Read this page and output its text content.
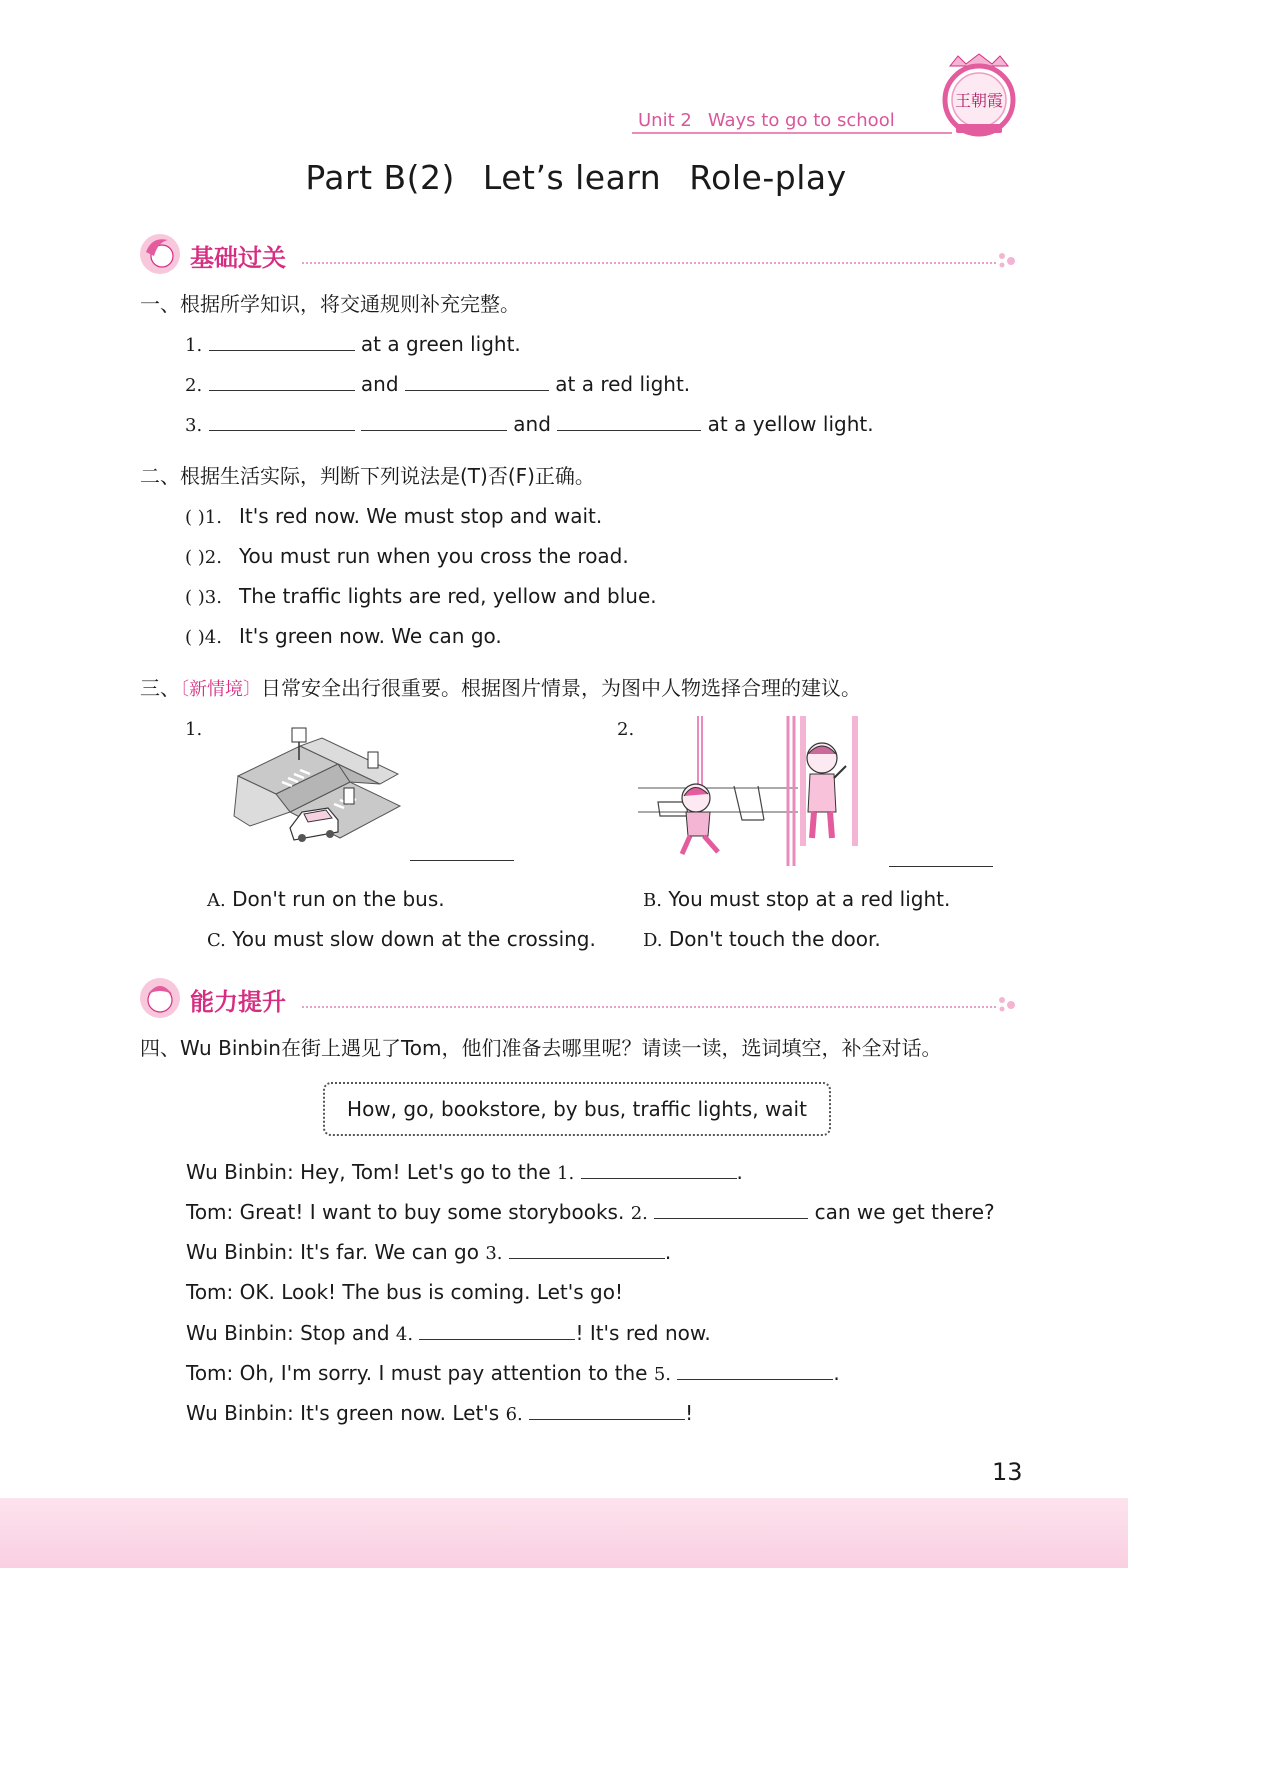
Unit 2 Ways to go to school
王朝霞
Part B(2) Let’s learn Role-play
基础过关
一、根据所学知识，将交通规则补充完整。
1.	at a green light.
2.	and	at a red light.
3.	and	at a yellow light.
二、根据生活实际，判断下列说法是(T)否(F)正确。
( )1. It's red now. We must stop and wait.
( )2. You must run when you cross the road.
( )3. The traffic lights are red, yellow and blue.
( )4. It's green now. We can go.
三、〔新情境〕日常安全出行很重要。根据图片情景，为图中人物选择合理的建议。
1.	2.
A. Don't run on the bus.	B. You must stop at a red light.
C. You must slow down at the crossing.	D. Don't touch the door.
能力提升
四、Wu Binbin在街上遇见了Tom，他们准备去哪里呢？请读一读，选词填空，补全对话。
How, go, bookstore, by bus, traffic lights, wait
Wu Binbin: Hey, Tom! Let's go to the 1.	.
Tom: Great! I want to buy some storybooks. 2.	can we get there?
Wu Binbin: It's far. We can go 3.	.
Tom: OK. Look! The bus is coming. Let's go!
Wu Binbin: Stop and 4.	! It's red now.
Tom: Oh, I'm sorry. I must pay attention to the 5.	.
Wu Binbin: It's green now. Let's 6.	!
13
